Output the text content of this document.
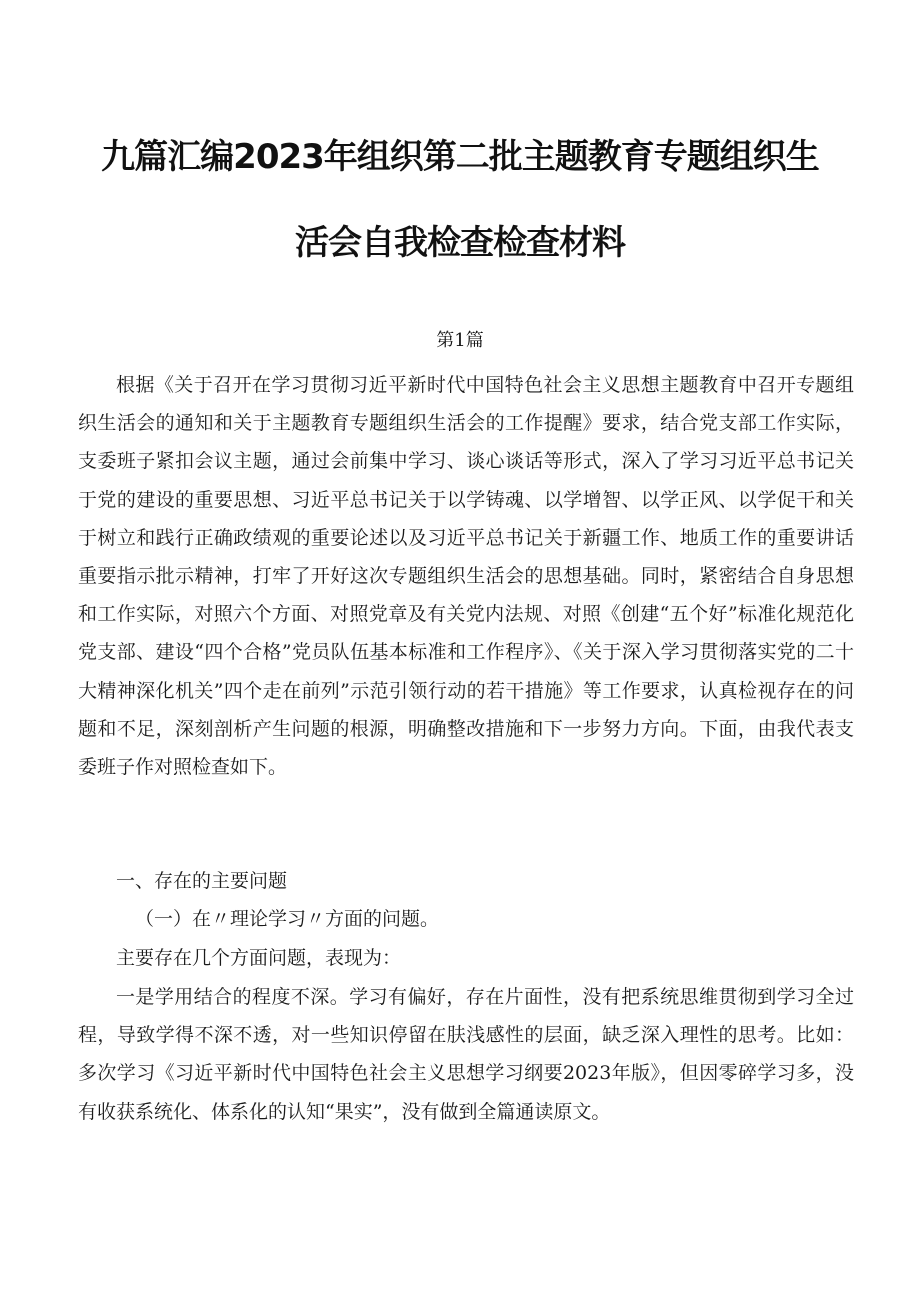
九篇汇编2023年组织第二批主题教育专题组织生
活会自我检查检查材料
第1篇

根据《关于召开在学习贯彻习近平新时代中国特色社会主义思想主题教育中召开专题组织生活会的通知和关于主题教育专题组织生活会的工作提醒》要求，结合党支部工作实际，支委班子紧扣会议主题，通过会前集中学习、谈心谈话等形式，深入了学习习近平总书记关于党的建设的重要思想、习近平总书记关于以学铸魂、以学增智、以学正风、以学促干和关于树立和践行正确政绩观的重要论述以及习近平总书记关于新疆工作、地质工作的重要讲话重要指示批示精神，打牢了开好这次专题组织生活会的思想基础。同时，紧密结合自身思想和工作实际，对照六个方面、对照党章及有关党内法规、对照《创建“五个好”标准化规范化党支部、建设“四个合格”党员队伍基本标准和工作程序》、《关于深入学习贯彻落实党的二十大精神深化机关”四个走在前列”示范引领行动的若干措施》等工作要求，认真检视存在的问题和不足，深刻剖析产生问题的根源，明确整改措施和下一步努力方向。下面，由我代表支委班子作对照检查如下。

一、存在的主要问题

（一）在〃理论学习〃方面的问题。

主要存在几个方面问题，表现为：

一是学用结合的程度不深。学习有偏好，存在片面性，没有把系统思维贯彻到学习全过程，导致学得不深不透，对一些知识停留在肤浅感性的层面，缺乏深入理性的思考。比如：多次学习《习近平新时代中国特色社会主义思想学习纲要2023年版》，但因零碎学习多，没有收获系统化、体系化的认知“果实”，没有做到全篇通读原文。
